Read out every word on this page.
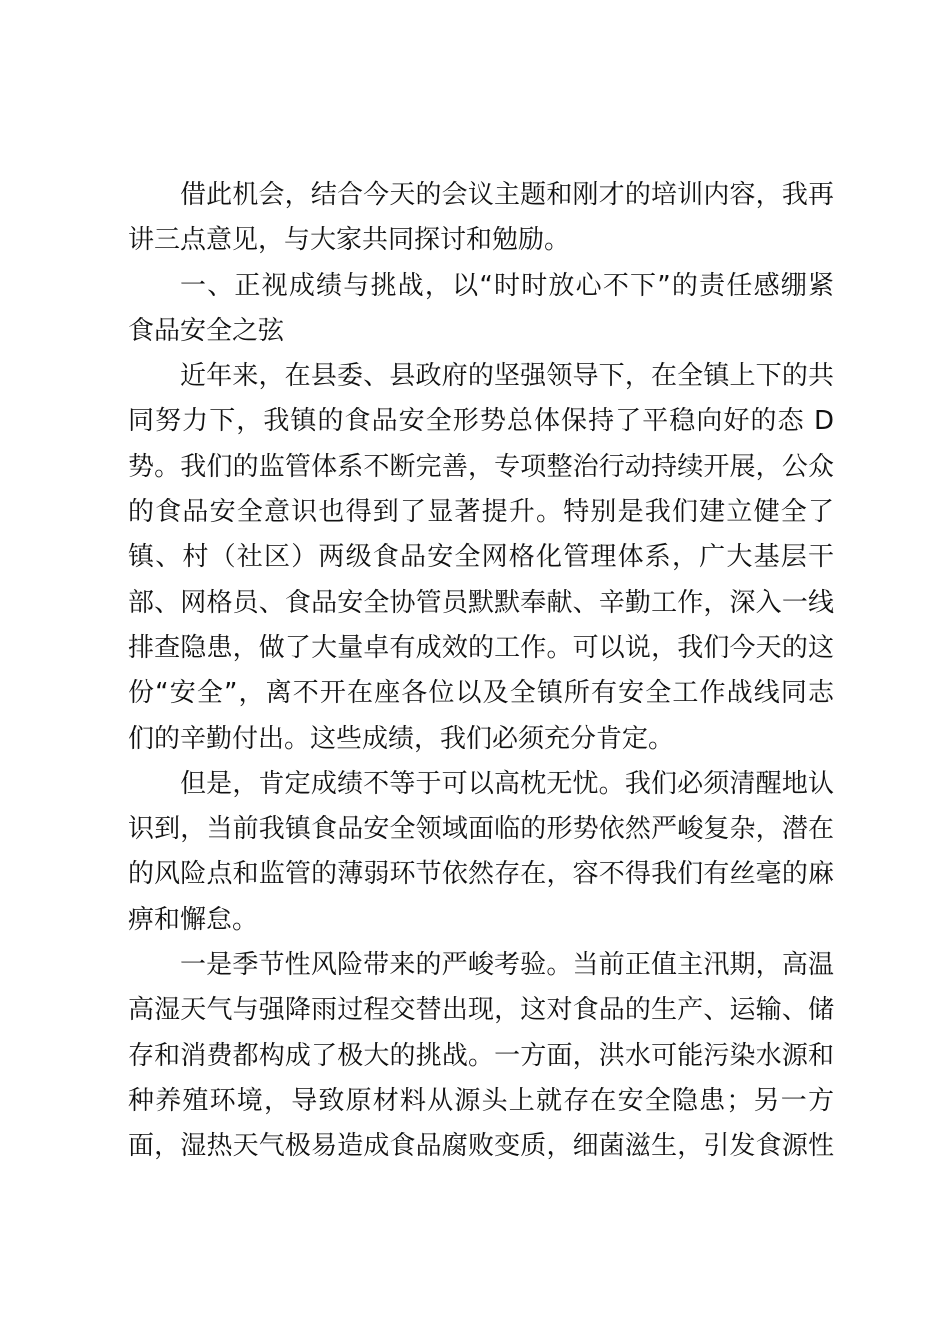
借此机会，结合今天的会议主题和刚才的培训内容，我再
讲三点意见，与大家共同探讨和勉励。
一、正视成绩与挑战，以“时时放心不下”的责任感绷紧
食品安全之弦
近年来，在县委、县政府的坚强领导下，在全镇上下的共
同努力下，我镇的食品安全形势总体保持了平稳向好的态 D
势。我们的监管体系不断完善，专项整治行动持续开展，公众
的食品安全意识也得到了显著提升。特别是我们建立健全了
镇、村（社区）两级食品安全网格化管理体系，广大基层干
部、网格员、食品安全协管员默默奉献、辛勤工作，深入一线
排查隐患，做了大量卓有成效的工作。可以说，我们今天的这
份“安全”，离不开在座各位以及全镇所有安全工作战线同志
们的辛勤付出。这些成绩，我们必须充分肯定。
但是，肯定成绩不等于可以高枕无忧。我们必须清醒地认
识到，当前我镇食品安全领域面临的形势依然严峻复杂，潜在
的风险点和监管的薄弱环节依然存在，容不得我们有丝毫的麻
痹和懈怠。
一是季节性风险带来的严峻考验。当前正值主汛期，高温
高湿天气与强降雨过程交替出现，这对食品的生产、运输、储
存和消费都构成了极大的挑战。一方面，洪水可能污染水源和
种养殖环境，导致原材料从源头上就存在安全隐患；另一方
面，湿热天气极易造成食品腐败变质，细菌滋生，引发食源性
